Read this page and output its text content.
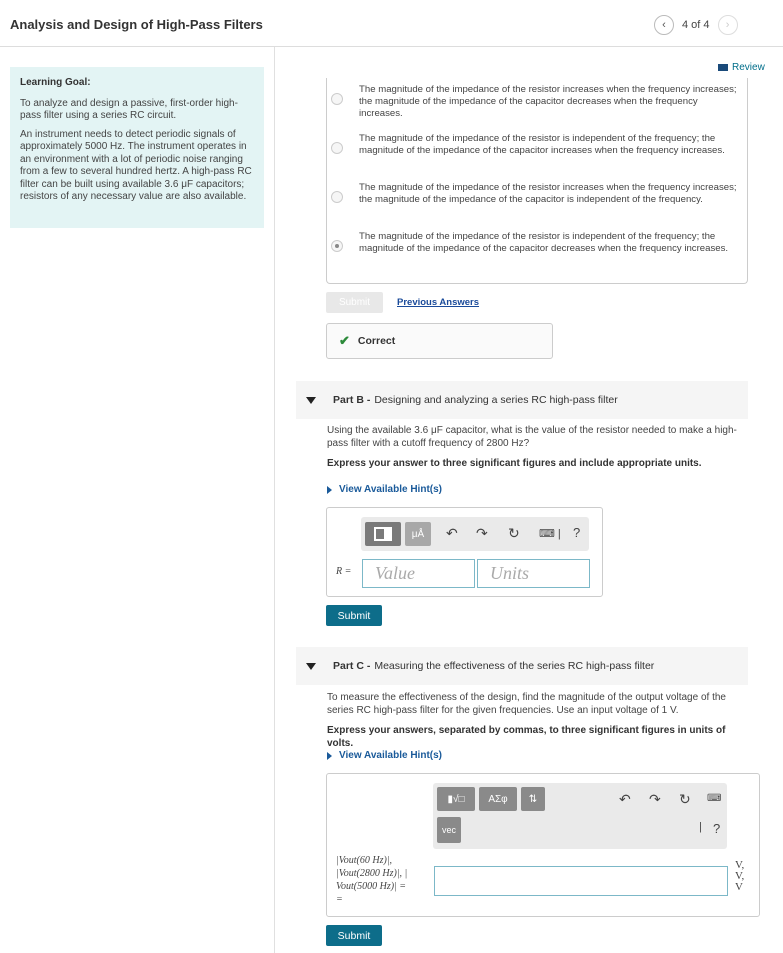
Analysis and Design of High-Pass Filters	‹ 4 of 4 ›
Learning Goal:

To analyze and design a passive, first-order high-pass filter using a series RC circuit.

An instrument needs to detect periodic signals of approximately 5000 Hz. The instrument operates in an environment with a lot of periodic noise ranging from a few to several hundred hertz. A high-pass RC filter can be built using available 3.6 μF capacitors; resistors of any necessary value are also available.

Review
The magnitude of the impedance of the resistor increases when the frequency increases; the magnitude of the impedance of the capacitor decreases when the frequency increases.
The magnitude of the impedance of the resistor is independent of the frequency; the magnitude of the impedance of the capacitor increases when the frequency increases.
The magnitude of the impedance of the resistor increases when the frequency increases; the magnitude of the impedance of the capacitor is independent of the frequency.
The magnitude of the impedance of the resistor is independent of the frequency; the magnitude of the impedance of the capacitor decreases when the frequency increases.
Submit	Previous Answers
✔ Correct
Part B - Designing and analyzing a series RC high-pass filter
Using the available 3.6 μF capacitor, what is the value of the resistor needed to make a high-pass filter with a cutoff frequency of 2800 Hz?
Express your answer to three significant figures and include appropriate units.
View Available Hint(s)
μÅ ↶ ↷ ↻ ⌨ | ?
R =	Value	Units
Submit
Part C - Measuring the effectiveness of the series RC high-pass filter
To measure the effectiveness of the design, find the magnitude of the output voltage of the series RC high-pass filter for the given frequencies. Use an input voltage of 1 V.
Express your answers, separated by commas, to three significant figures in units of volts.
View Available Hint(s)
▮√□ ΑΣφ ⇅
vec
↶ ↷ ↻ ⌨
| ?
|Vout(60 Hz)|,
|Vout(2800 Hz)|, |
Vout(5000 Hz)| =
=
V,
V,
V
Submit
